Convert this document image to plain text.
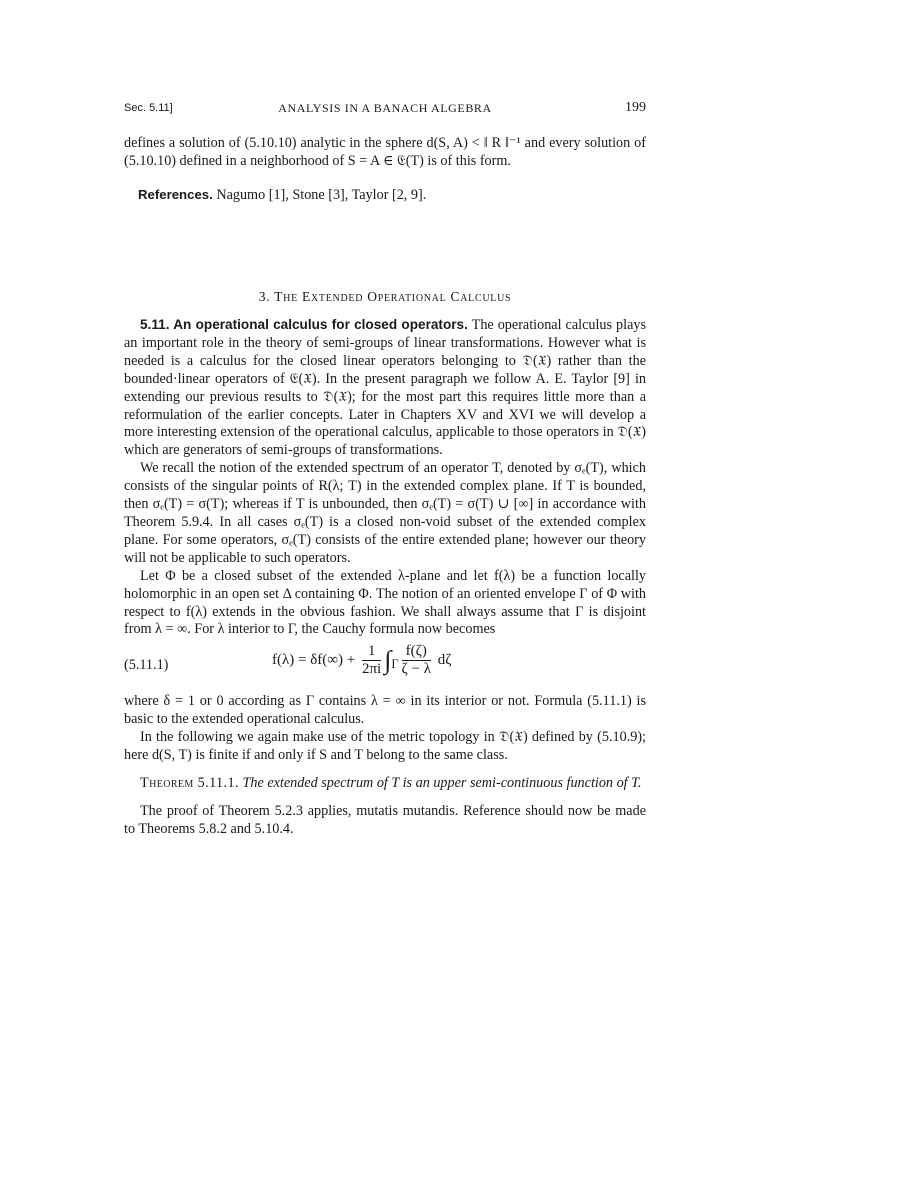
Sec. 5.11]	ANALYSIS IN A BANACH ALGEBRA	199

defines a solution of (5.10.10) analytic in the sphere d(S, A) < ‖ R ‖⁻¹ and every solution of (5.10.10) defined in a neighborhood of S = A ∈ 𝔈(T) is of this form.

References. Nagumo [1], Stone [3], Taylor [2, 9].

3. The Extended Operational Calculus

5.11. An operational calculus for closed operators. The operational calculus plays an important role in the theory of semi-groups of linear transformations. However what is needed is a calculus for the closed linear operators belonging to 𝔇(𝔛) rather than the bounded·linear operators of 𝔈(𝔛). In the present paragraph we follow A. E. Taylor [9] in extending our previous results to 𝔇(𝔛); for the most part this requires little more than a reformulation of the earlier concepts. Later in Chapters XV and XVI we will develop a more interesting extension of the operational calculus, applicable to those operators in 𝔇(𝔛) which are generators of semi-groups of transformations.

We recall the notion of the extended spectrum of an operator T, denoted by σₑ(T), which consists of the singular points of R(λ; T) in the extended complex plane. If T is bounded, then σₑ(T) = σ(T); whereas if T is unbounded, then σₑ(T) = σ(T) ∪ [∞] in accordance with Theorem 5.9.4. In all cases σₑ(T) is a closed non-void subset of the extended complex plane. For some operators, σₑ(T) consists of the entire extended plane; however our theory will not be applicable to such operators.

Let Φ be a closed subset of the extended λ-plane and let f(λ) be a function locally holomorphic in an open set Δ containing Φ. The notion of an oriented envelope Γ of Φ with respect to f(λ) extends in the obvious fashion. We shall always assume that Γ is disjoint from λ = ∞. For λ interior to Γ, the Cauchy formula now becomes

(5.11.1)	$f(\lambda) = \delta f(\infty) + \frac{1}{2\pi i} \int_\Gamma \frac{f(\zeta)}{\zeta - \lambda}$ dζ

where δ = 1 or 0 according as Γ contains λ = ∞ in its interior or not. Formula (5.11.1) is basic to the extended operational calculus.

In the following we again make use of the metric topology in 𝔇(𝔛) defined by (5.10.9); here d(S, T) is finite if and only if S and T belong to the same class.

Theorem 5.11.1. The extended spectrum of T is an upper semi-continuous function of T.

The proof of Theorem 5.2.3 applies, mutatis mutandis. Reference should now be made to Theorems 5.8.2 and 5.10.4.
